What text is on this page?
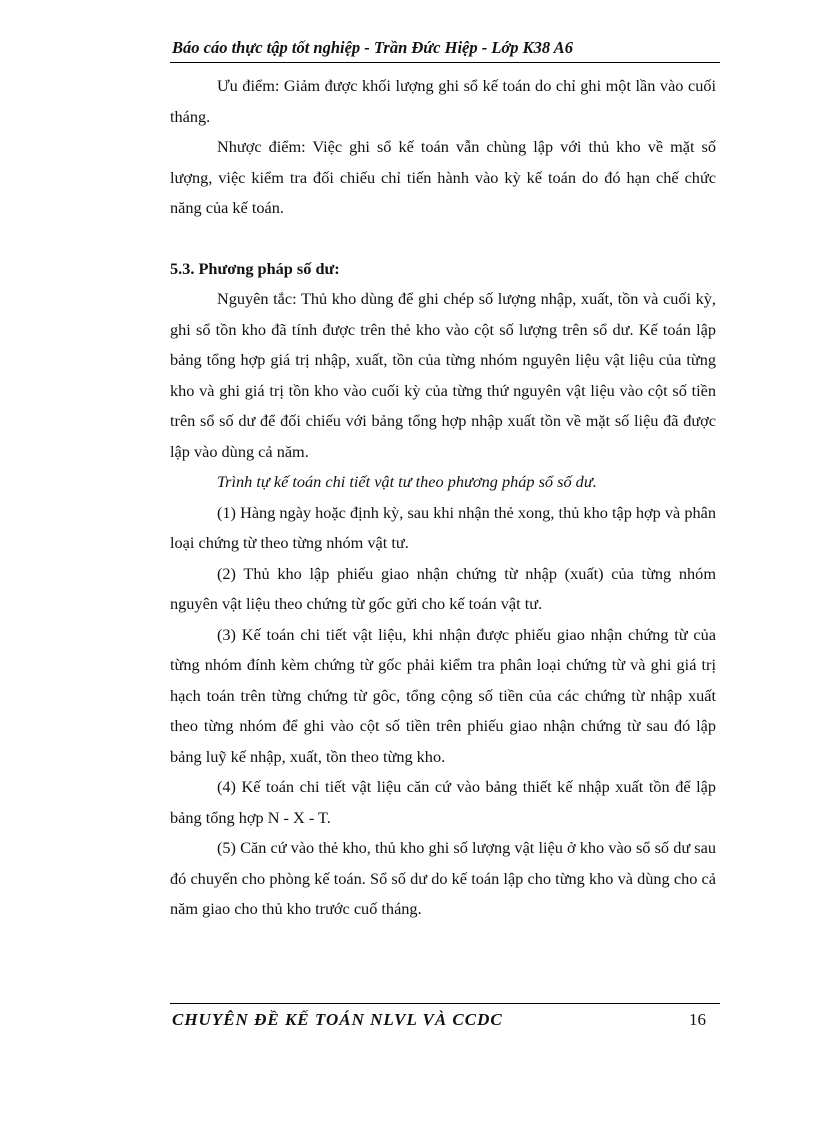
Báo cáo thực tập tốt nghiệp - Trần Đức Hiệp - Lớp K38 A6

Ưu điểm: Giảm được khối lượng ghi sổ kế toán do chỉ ghi một lần vào cuối tháng.

Nhược điểm: Việc ghi sổ kế toán vẫn chùng lập với thủ kho về mặt số lượng, việc kiểm tra đối chiếu chỉ tiến hành vào kỳ kế toán do đó hạn chế chức năng của kế toán.

5.3. Phương pháp số dư:

Nguyên tắc: Thủ kho dùng để ghi chép số lượng nhập, xuất, tồn và cuối kỳ, ghi sổ tồn kho đã tính được trên thẻ kho vào cột số lượng trên sổ dư. Kế toán lập bảng tổng hợp giá trị nhập, xuất, tồn của từng nhóm nguyên liệu vật liệu của từng kho và ghi giá trị tồn kho vào cuối kỳ của từng thứ nguyên vật liệu vào cột số tiền trên sổ số dư để đối chiếu với bảng tổng hợp nhập xuất tồn về mặt số liệu đã được lập vào dùng cả năm.

Trình tự kế toán chi tiết vật tư theo phương pháp sổ số dư.

(1) Hàng ngày hoặc định kỳ, sau khi nhận thẻ xong, thủ kho tập hợp và phân loại chứng từ theo từng nhóm vật tư.

(2) Thủ kho lập phiếu giao nhận chứng từ nhập (xuất) của từng nhóm nguyên vật liệu theo chứng từ gốc gửi cho kế toán vật tư.

(3) Kế toán chi tiết vật liệu, khi nhận được phiếu giao nhận chứng từ của từng nhóm đính kèm chứng từ gốc phải kiểm tra phân loại chứng từ và ghi giá trị hạch toán trên từng chứng từ gôc, tổng cộng số tiền của các chứng từ nhập xuất theo từng nhóm để ghi vào cột số tiền trên phiếu giao nhận chứng từ sau đó lập bảng luỹ kế nhập, xuất, tồn theo từng kho.

(4) Kế toán chi tiết vật liệu căn cứ vào bảng thiết kế nhập xuất tồn để lập bảng tổng hợp N - X - T.

(5) Căn cứ vào thẻ kho, thủ kho ghi số lượng vật liệu ở kho vào sổ số dư sau đó chuyển cho phòng kế toán. Sổ số dư do kế toán lập cho từng kho và dùng cho cả năm giao cho thủ kho trước cuố tháng.

CHUYÊN ĐỀ KẾ TOÁN NLVL VÀ CCDC	16
